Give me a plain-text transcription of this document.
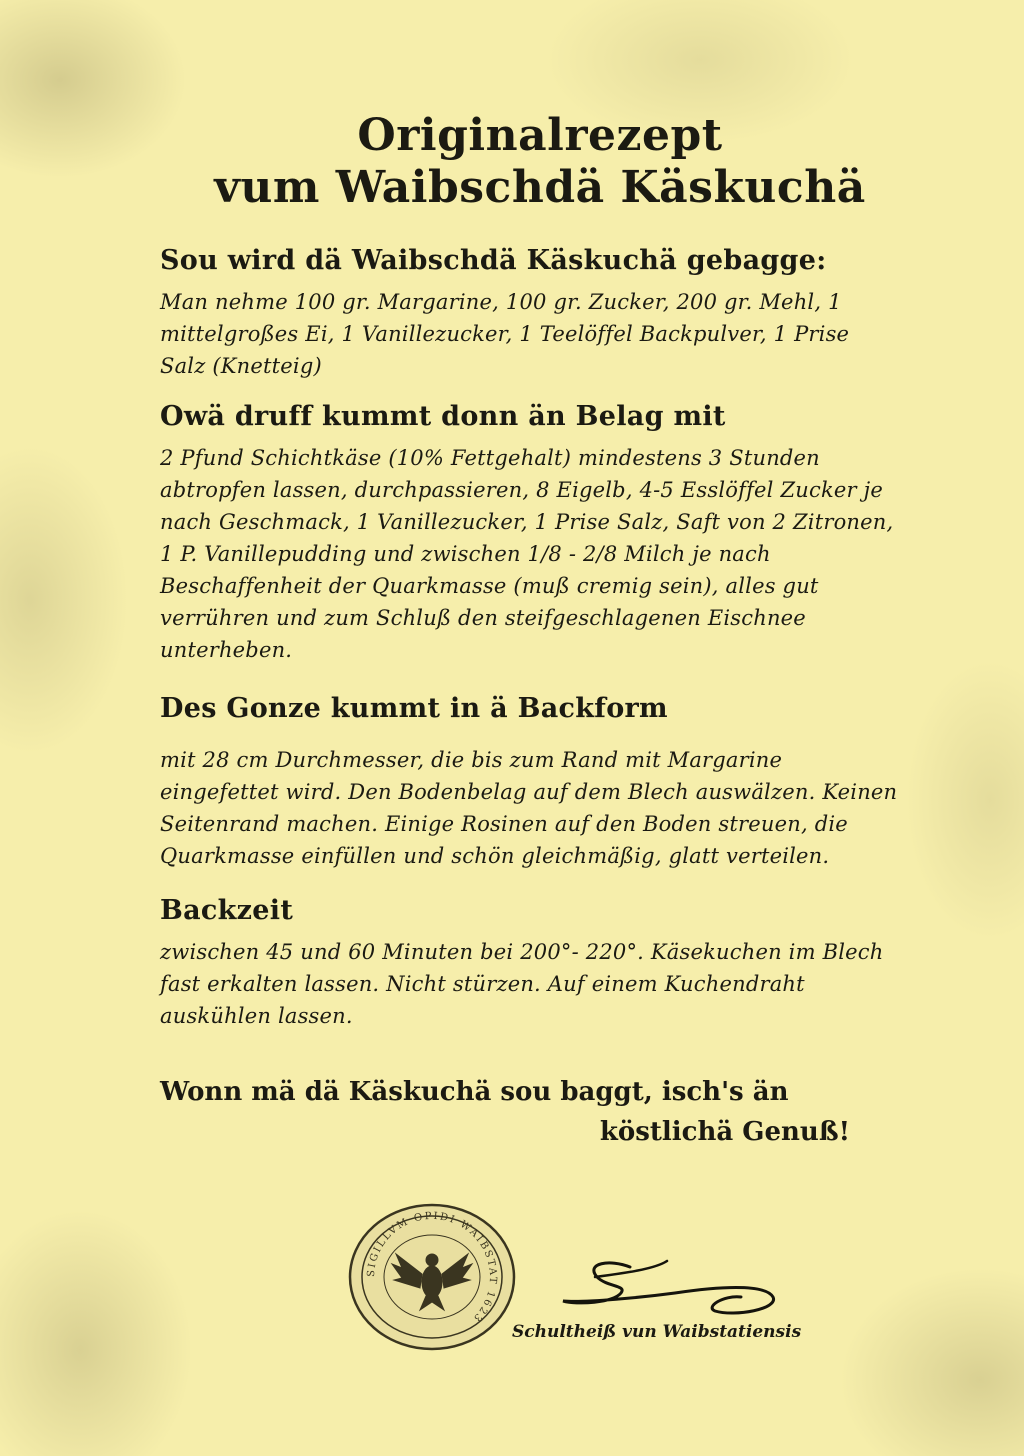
Originalrezept
vum Waibschdä Käskuchä
Sou wird dä Waibschdä Käskuchä gebagge:
Man nehme 100 gr. Margarine, 100 gr. Zucker, 200 gr. Mehl, 1 mittelgroßes Ei, 1 Vanillezucker, 1 Teelöffel Backpulver, 1 Prise Salz (Knetteig)
Owä druff kummt donn än Belag mit
2 Pfund Schichtkäse (10% Fettgehalt) mindestens 3 Stunden abtropfen lassen, durchpassieren, 8 Eigelb, 4-5 Esslöffel Zucker je nach Geschmack, 1 Vanillezucker, 1 Prise Salz, Saft von 2 Zitronen, 1 P. Vanillepudding und zwischen 1/8 - 2/8 Milch je nach Beschaffenheit der Quarkmasse (muß cremig sein), alles gut verrühren und zum Schluß den steifgeschlagenen Eischnee unterheben.
Des Gonze kummt in ä Backform
mit 28 cm Durchmesser, die bis zum Rand mit Margarine eingefettet wird. Den Bodenbelag auf dem Blech auswälzen. Keinen Seitenrand machen. Einige Rosinen auf den Boden streuen, die Quarkmasse einfüllen und schön gleichmäßig, glatt verteilen.
Backzeit
zwischen 45 und 60 Minuten bei 200°- 220°. Käsekuchen im Blech fast erkalten lassen. Nicht stürzen. Auf einem Kuchendraht auskühlen lassen.
Wonn mä dä Käskuchä sou baggt, isch's än
köstlichä Genuß!
SIGILLVM OPIDI WAIBSTAT 1623
Schultheiß vun Waibstatiensis
